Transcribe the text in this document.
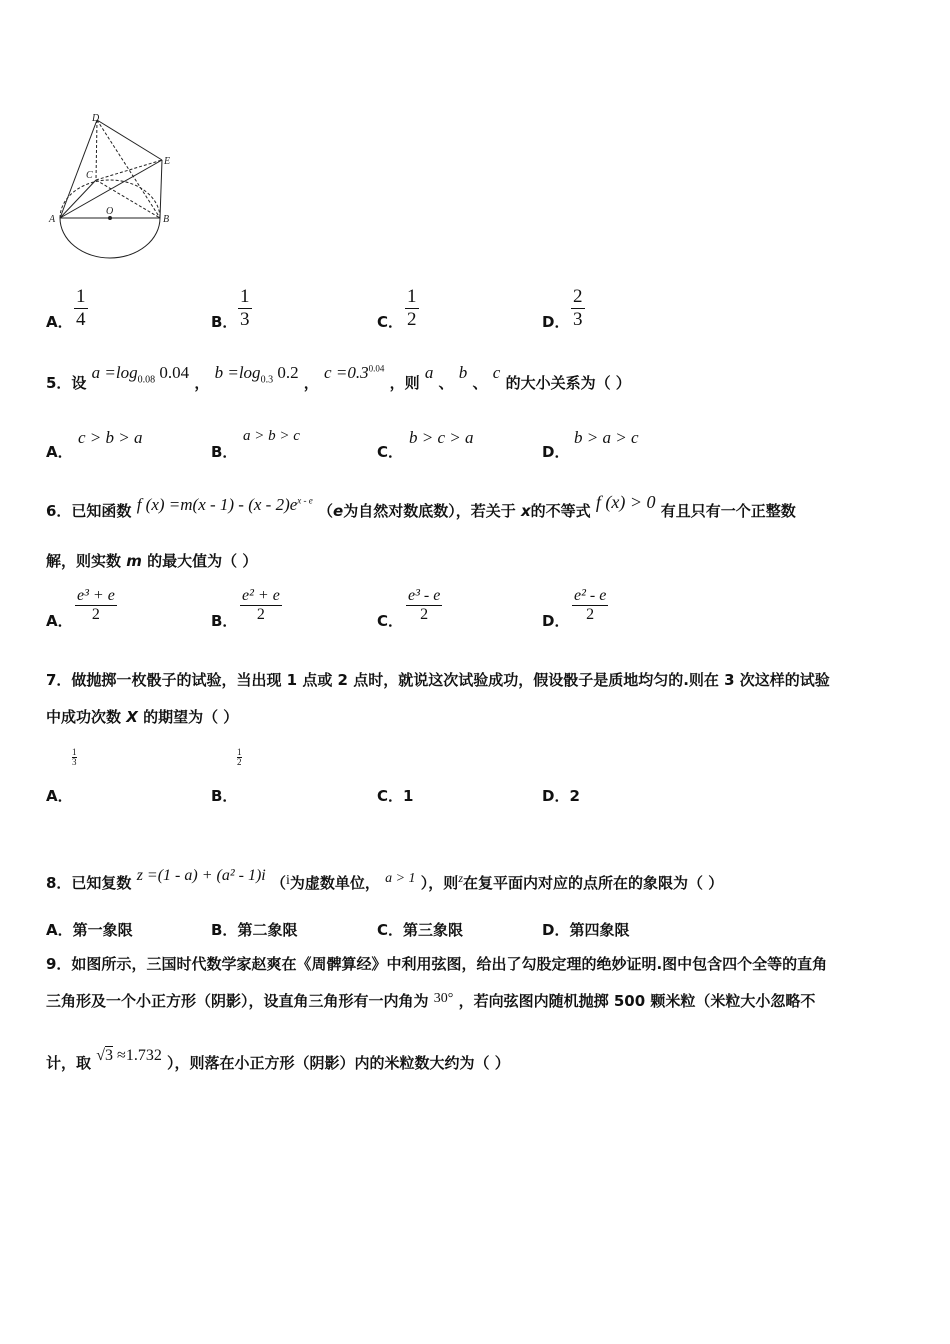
D
E
C
A
O
B
A． $\frac{1}{4}$	B． $\frac{1}{3}$	C． $\frac{1}{2}$	D． $\frac{2}{3}$
5．设 $a =\log_{0.08}$ 0.04 ， $b =\log_{0.3}$ 0.2 ， $c =0.3^{0.04}$ ，则 a 、 b 、 c 的大小关系为（ ）
A．
c > b > a
B．
a > b > c
C．
b > c > a
D．
b > a > c
6．已知函数 f $(x) =m(x - 1) - (x - 2)e^{x - e}$ （e为自然对数底数），若关于 x的不等式 f (x) > 0 有且只有一个正整数
解，则实数 m 的最大值为（ ）
A． $\frac{\text{e³ + e}}{2}$	B． $\frac{\text{e² + e}}{2}$	C． $\frac{\text{e³ - e}}{2}$	D． $\frac{\text{e² - e}}{2}$
7．做抛掷一枚骰子的试验，当出现 1 点或 2 点时，就说这次试验成功，假设骰子是质地均匀的.则在 3 次这样的试验
中成功次数 X 的期望为（ ）
1
3
A．
1
2
B．	C．1	D．2
8．已知复数 z =(1 - a) + (a² - 1)i （i为虚数单位， a > 1 ），则$^z$在复平面内对应的点所在的象限为（ ）
A．第一象限	B．第二象限	C．第三象限	D．第四象限
9．如图所示，三国时代数学家赵爽在《周髀算经》中利用弦图，给出了勾股定理的绝妙证明.图中包含四个全等的直角
三角形及一个小正方形（阴影），设直角三角形有一内角为 30° ，若向弦图内随机抛掷 500 颗米粒（米粒大小忽略不
计，取 √3 ≈1.732 ），则落在小正方形（阴影）内的米粒数大约为（ ）
